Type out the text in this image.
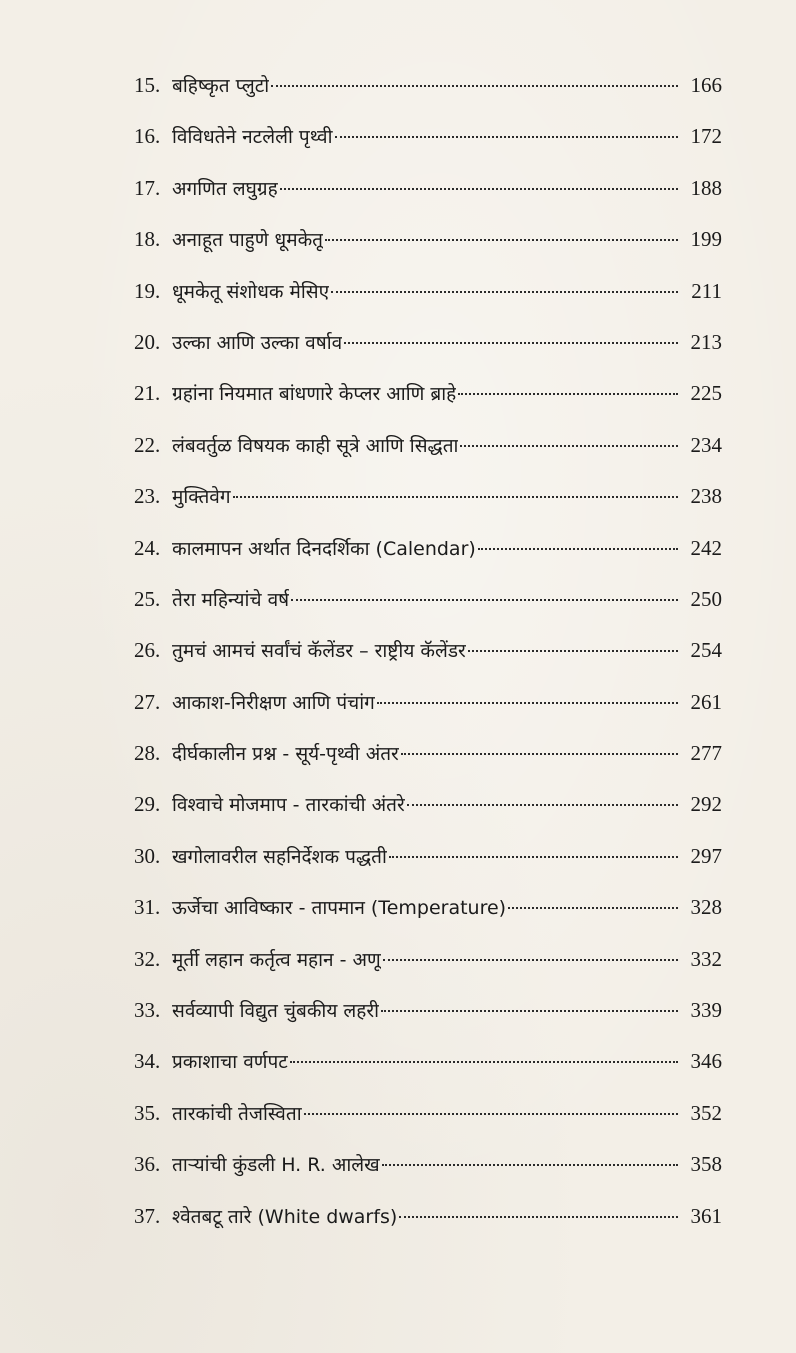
15. बहिष्कृत प्लुटो	166
16. विविधतेने नटलेली पृथ्वी	172
17. अगणित लघुग्रह	188
18. अनाहूत पाहुणे धूमकेतू	199
19. धूमकेतू संशोधक मेसिए	211
20. उल्का आणि उल्का वर्षाव	213
21. ग्रहांना नियमात बांधणारे केप्लर आणि ब्राहे	225
22. लंबवर्तुळ विषयक काही सूत्रे आणि सिद्धता	234
23. मुक्तिवेग	238
24. कालमापन अर्थात दिनदर्शिका (Calendar)	242
25. तेरा महिन्यांचे वर्ष	250
26. तुमचं आमचं सर्वांचं कॅलेंडर – राष्ट्रीय कॅलेंडर	254
27. आकाश-निरीक्षण आणि पंचांग	261
28. दीर्घकालीन प्रश्न - सूर्य-पृथ्वी अंतर	277
29. विश्वाचे मोजमाप - तारकांची अंतरे	292
30. खगोलावरील सहनिर्देशक पद्धती	297
31. ऊर्जेचा आविष्कार - तापमान (Temperature)	328
32. मूर्ती लहान कर्तृत्व महान - अणू	332
33. सर्वव्यापी विद्युत चुंबकीय लहरी	339
34. प्रकाशाचा वर्णपट	346
35. तारकांची तेजस्विता	352
36. ताऱ्यांची कुंडली H. R. आलेख	358
37. श्वेतबटू तारे (White dwarfs)	361
